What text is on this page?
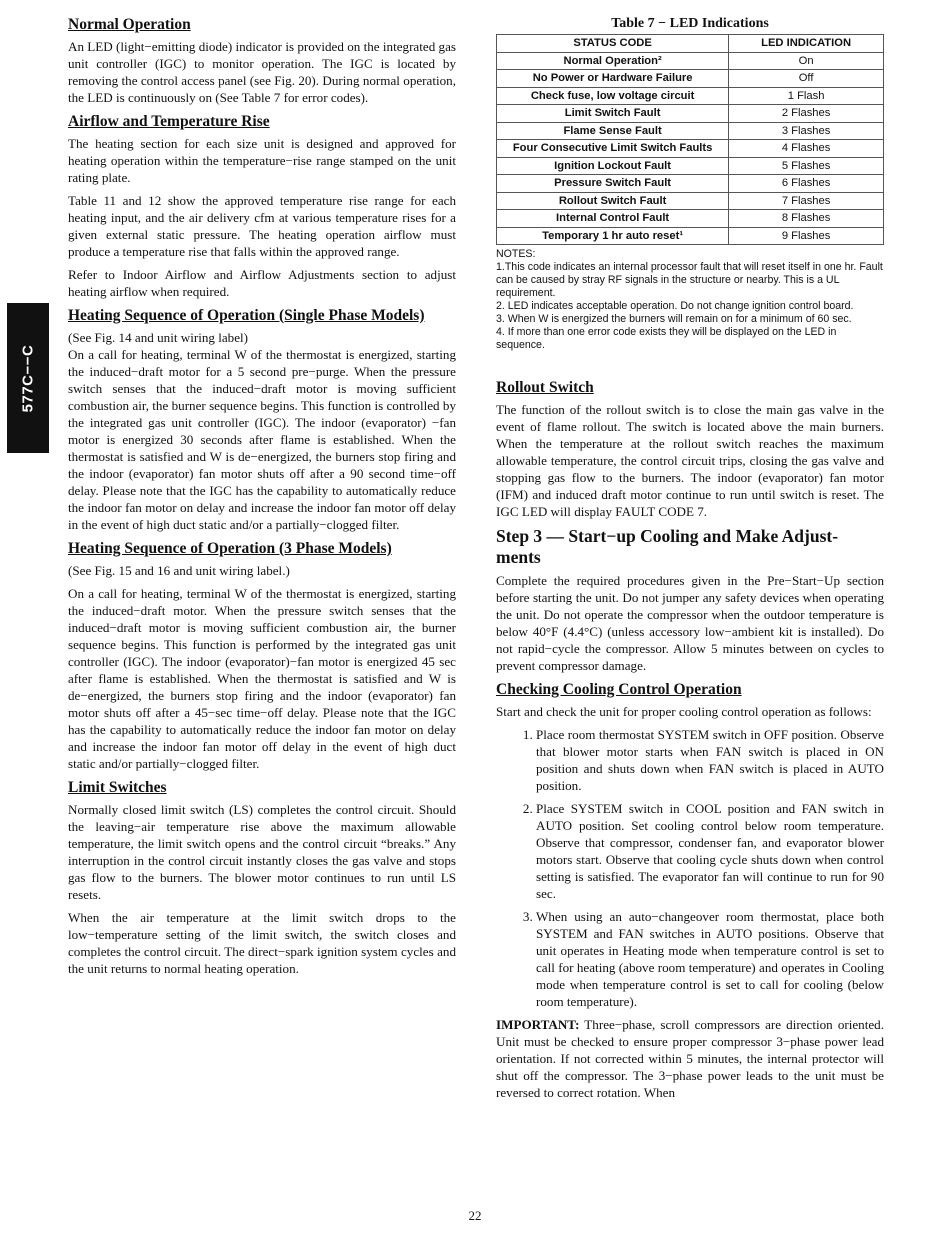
577C−−C
Normal Operation

An LED (light−emitting diode) indicator is provided on the integrated gas unit controller (IGC) to monitor operation. The IGC is located by removing the control access panel (see Fig. 20). During normal operation, the LED is continuously on (See Table 7 for error codes).

Airflow and Temperature Rise

The heating section for each size unit is designed and approved for heating operation within the temperature−rise range stamped on the unit rating plate.

Table 11 and 12 show the approved temperature rise range for each heating input, and the air delivery cfm at various temperature rises for a given external static pressure. The heating operation airflow must produce a temperature rise that falls within the approved range.

Refer to Indoor Airflow and Airflow Adjustments section to adjust heating airflow when required.

Heating Sequence of Operation (Single Phase Models)

(See Fig. 14 and unit wiring label)

On a call for heating, terminal W of the thermostat is energized, starting the induced−draft motor for a 5 second pre−purge. When the pressure switch senses that the induced−draft motor is moving sufficient combustion air, the burner sequence begins. This function is controlled by the integrated gas unit controller (IGC). The indoor (evaporator) −fan motor is energized 30 seconds after flame is established. When the thermostat is satisfied and W is de−energized, the burners stop firing and the indoor (evaporator) fan motor shuts off after a 90 second time−off delay. Please note that the IGC has the capability to automatically reduce the indoor fan motor on delay and increase the indoor fan motor off delay in the event of high duct static and/or a partially−clogged filter.

Heating Sequence of Operation (3 Phase Models)

(See Fig. 15 and 16 and unit wiring label.)

On a call for heating, terminal W of the thermostat is energized, starting the induced−draft motor. When the pressure switch senses that the induced−draft motor is moving sufficient combustion air, the burner sequence begins. This function is performed by the integrated gas unit controller (IGC). The indoor (evaporator)−fan motor is energized 45 sec after flame is established. When the thermostat is satisfied and W is de−energized, the burners stop firing and the indoor (evaporator) fan motor shuts off after a 45−sec time−off delay. Please note that the IGC has the capability to automatically reduce the indoor fan motor on delay and increase the indoor fan motor off delay in the event of high duct static and/or partially−clogged filter.

Limit Switches

Normally closed limit switch (LS) completes the control circuit. Should the leaving−air temperature rise above the maximum allowable temperature, the limit switch opens and the control circuit “breaks.” Any interruption in the control circuit instantly closes the gas valve and stops gas flow to the burners. The blower motor continues to run until LS resets.

When the air temperature at the limit switch drops to the low−temperature setting of the limit switch, the switch closes and completes the control circuit. The direct−spark ignition system cycles and the unit returns to normal heating operation.

Table 7 − LED Indications
STATUS CODE	LED INDICATION
Normal Operation²	On
No Power or Hardware Failure	Off
Check fuse, low voltage circuit	1 Flash
Limit Switch Fault	2 Flashes
Flame Sense Fault	3 Flashes
Four Consecutive Limit Switch Faults	4 Flashes
Ignition Lockout Fault	5 Flashes
Pressure Switch Fault	6 Flashes
Rollout Switch Fault	7 Flashes
Internal Control Fault	8 Flashes
Temporary 1 hr auto reset¹	9 Flashes
NOTES:
1.This code indicates an internal processor fault that will reset itself in one hr. Fault can be caused by stray RF signals in the structure or nearby. This is a UL requirement.
2. LED indicates acceptable operation. Do not change ignition control board.
3. When W is energized the burners will remain on for a minimum of 60 sec.
4. If more than one error code exists they will be displayed on the LED in sequence.
Rollout Switch

The function of the rollout switch is to close the main gas valve in the event of flame rollout. The switch is located above the main burners. When the temperature at the rollout switch reaches the maximum allowable temperature, the control circuit trips, closing the gas valve and stopping gas flow to the burners. The indoor (evaporator) fan motor (IFM) and induced draft motor continue to run until switch is reset. The IGC LED will display FAULT CODE 7.

Step 3 — Start−up Cooling and Make Adjust- ments

Complete the required procedures given in the Pre−Start−Up section before starting the unit. Do not jumper any safety devices when operating the unit. Do not operate the compressor when the outdoor temperature is below 40°F (4.4°C) (unless accessory low−ambient kit is installed). Do not rapid−cycle the compressor. Allow 5 minutes between on cycles to prevent compressor damage.

Checking Cooling Control Operation

Start and check the unit for proper cooling control operation as follows:

1. Place room thermostat SYSTEM switch in OFF position. Observe that blower motor starts when FAN switch is placed in ON position and shuts down when FAN switch is placed in AUTO position.
2. Place SYSTEM switch in COOL position and FAN switch in AUTO position. Set cooling control below room temperature. Observe that compressor, condenser fan, and evaporator blower motors start. Observe that cooling cycle shuts down when control setting is satisfied. The evaporator fan will continue to run for 90 sec.
3. When using an auto−changeover room thermostat, place both SYSTEM and FAN switches in AUTO positions. Observe that unit operates in Heating mode when temperature control is set to call for heating (above room temperature) and operates in Cooling mode when temperature control is set to call for cooling (below room temperature).

IMPORTANT: Three−phase, scroll compressors are direction oriented. Unit must be checked to ensure proper compressor 3−phase power lead orientation. If not corrected within 5 minutes, the internal protector will shut off the compressor. The 3−phase power leads to the unit must be reversed to correct rotation. When

22
